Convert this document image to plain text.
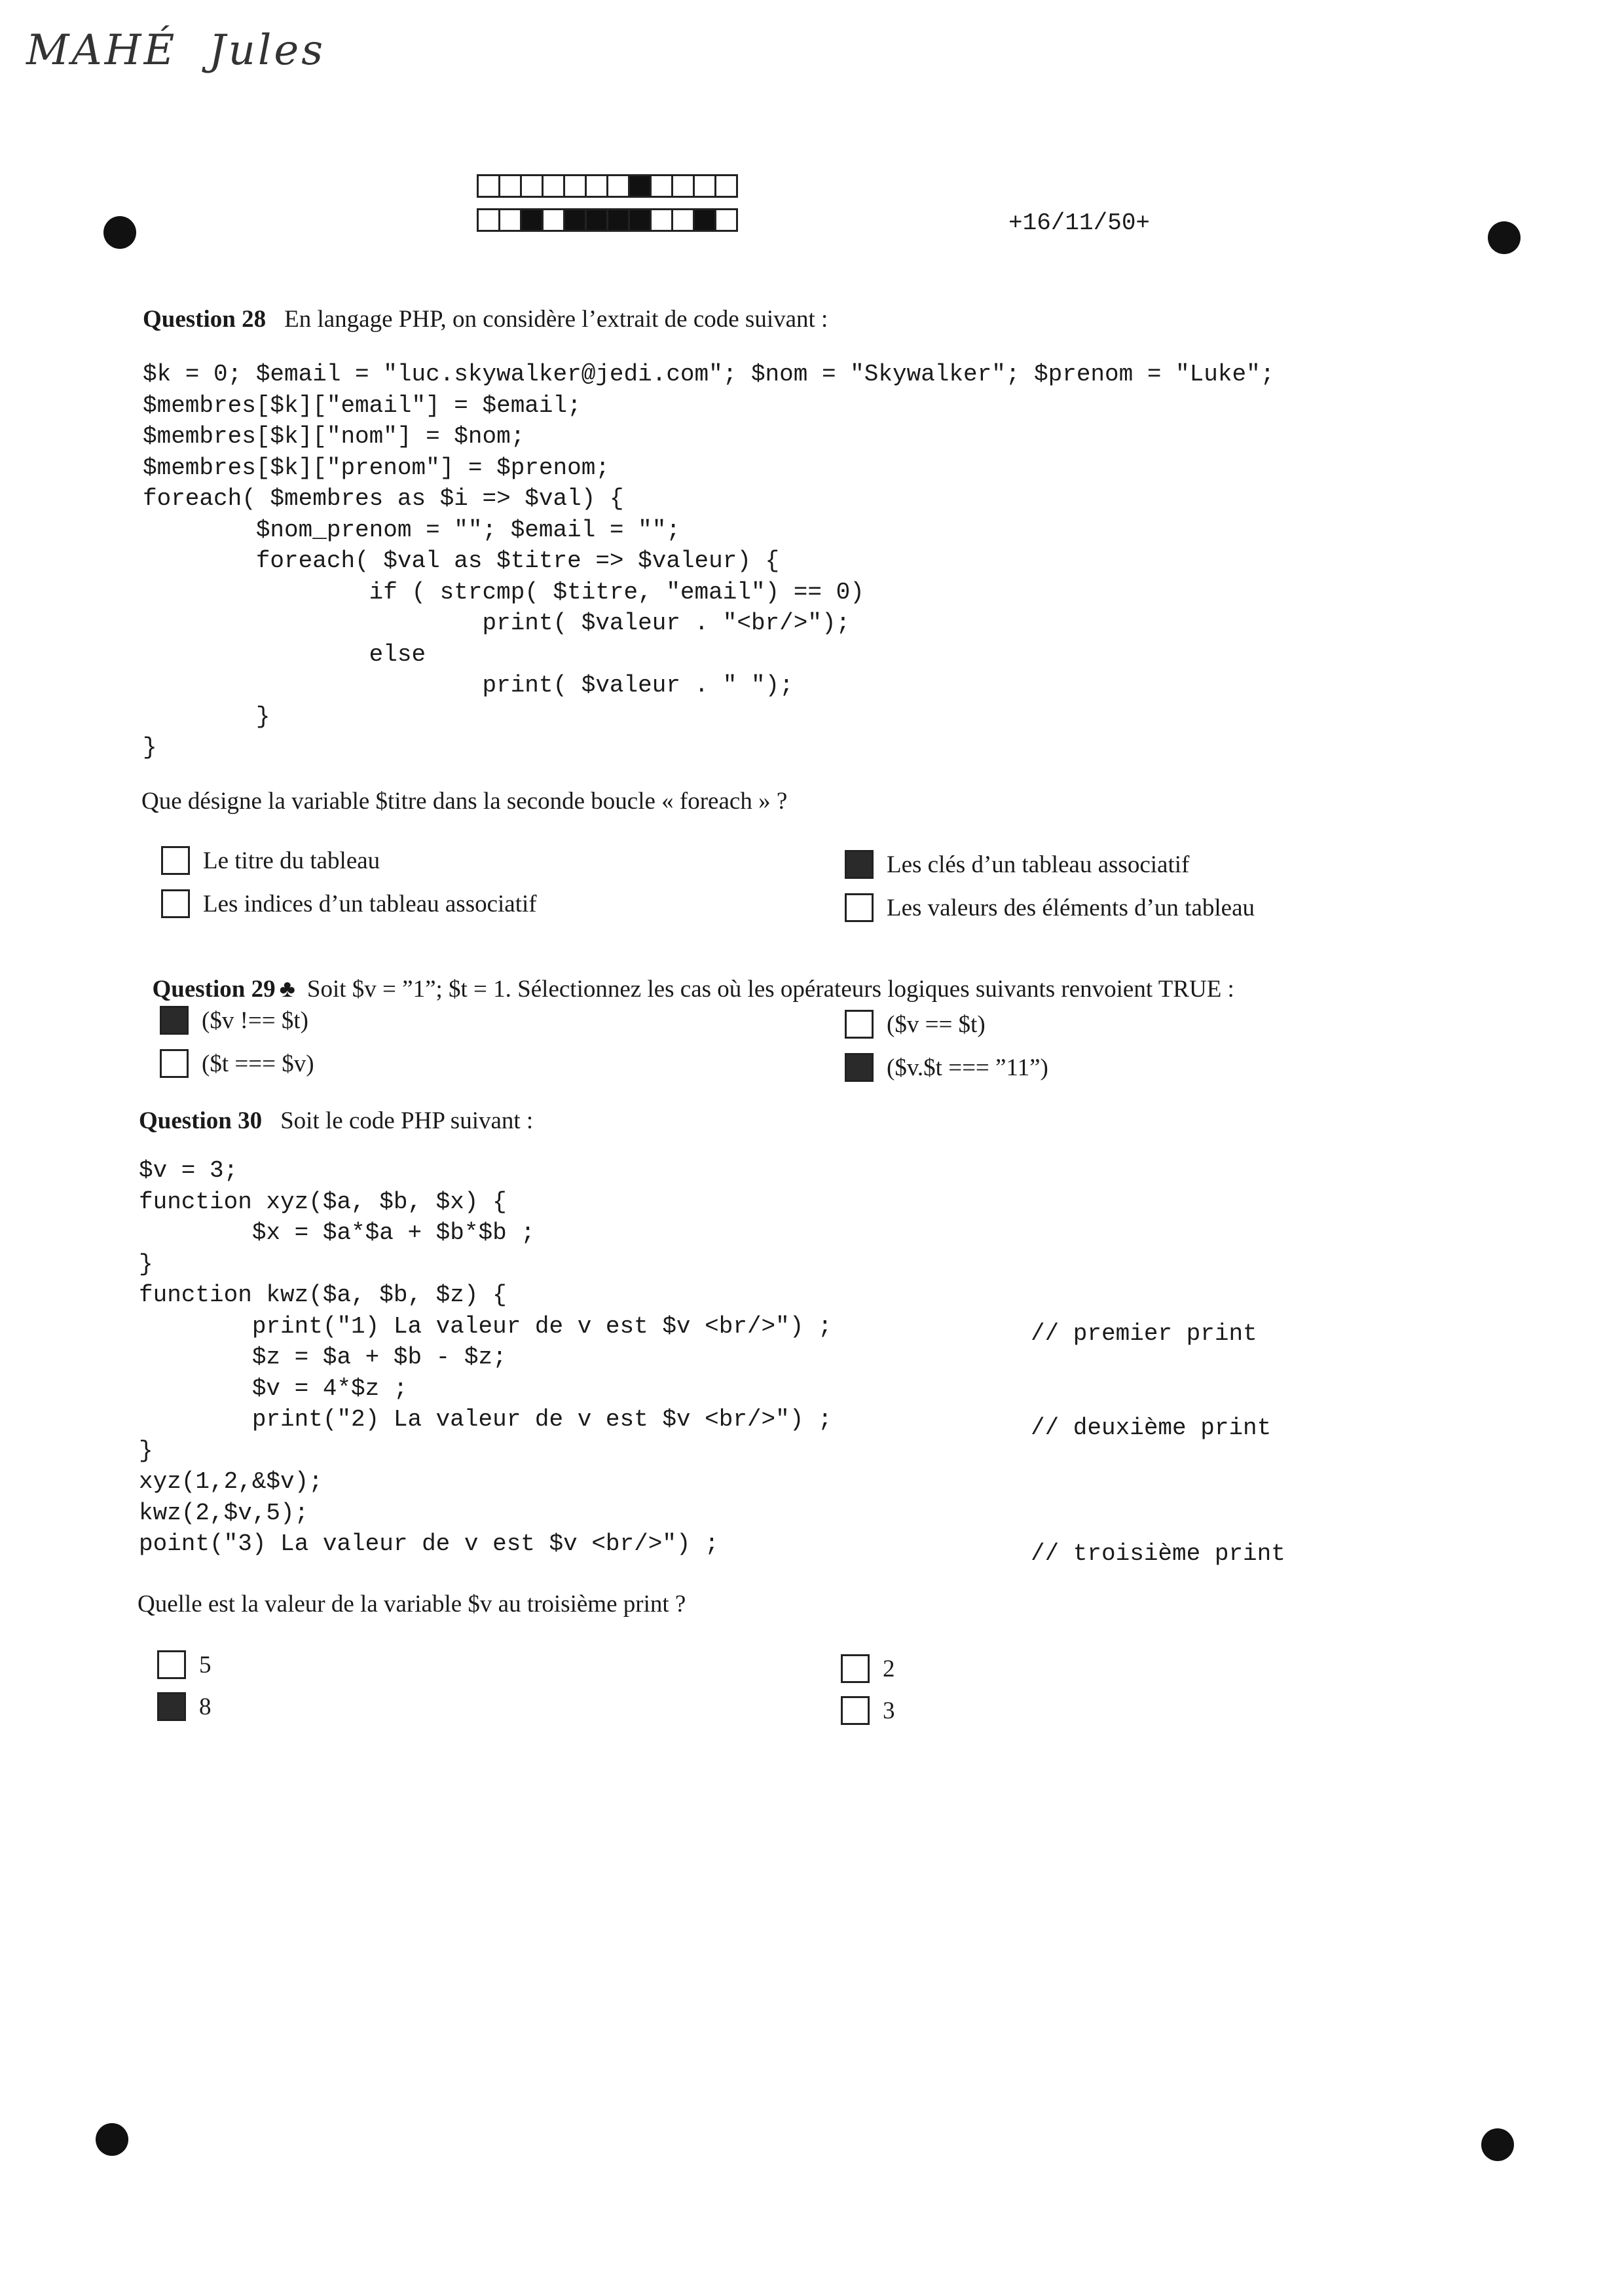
MAHÉ  Jules
+16/11/50+
Question 28 En langage PHP, on considère l’extrait de code suivant :
$k = 0; $email = "luc.skywalker@jedi.com"; $nom = "Skywalker"; $prenom = "Luke";
$membres[$k]["email"] = $email;
$membres[$k]["nom"] = $nom;
$membres[$k]["prenom"] = $prenom;
foreach( $membres as $i => $val) {
$nom_prenom = ""; $email = "";
foreach( $val as $titre => $valeur) {
if ( strcmp( $titre, "email") == 0)
print( $valeur . "<br/>");
else
print( $valeur . " ");
}
}
Que désigne la variable $titre dans la seconde boucle « foreach » ?
Le titre du tableau
Les indices d’un tableau associatif
Les clés d’un tableau associatif
Les valeurs des éléments d’un tableau

Question 29 ♣ Soit $v = ”1”; $t = 1. Sélectionnez les cas où les opérateurs logiques suivants renvoient TRUE :

($v !== $t)
($t === $v)
($v == $t)
($v.$t === ”11”)
Question 30 Soit le code PHP suivant :
$v = 3;
function xyz($a, $b, $x) {
$x = $a*$a + $b*$b ;
}
function kwz($a, $b, $z) {
print("1) La valeur de v est $v <br/>") ;
$z = $a + $b - $z;
$v = 4*$z ;
print("2) La valeur de v est $v <br/>") ;
}
xyz(1,2,&$v);
kwz(2,$v,5);
point("3) La valeur de v est $v <br/>") ;
// premier print
// deuxième print
// troisième print
Quelle est la valeur de la variable $v au troisième print ?
5
8
2
3
